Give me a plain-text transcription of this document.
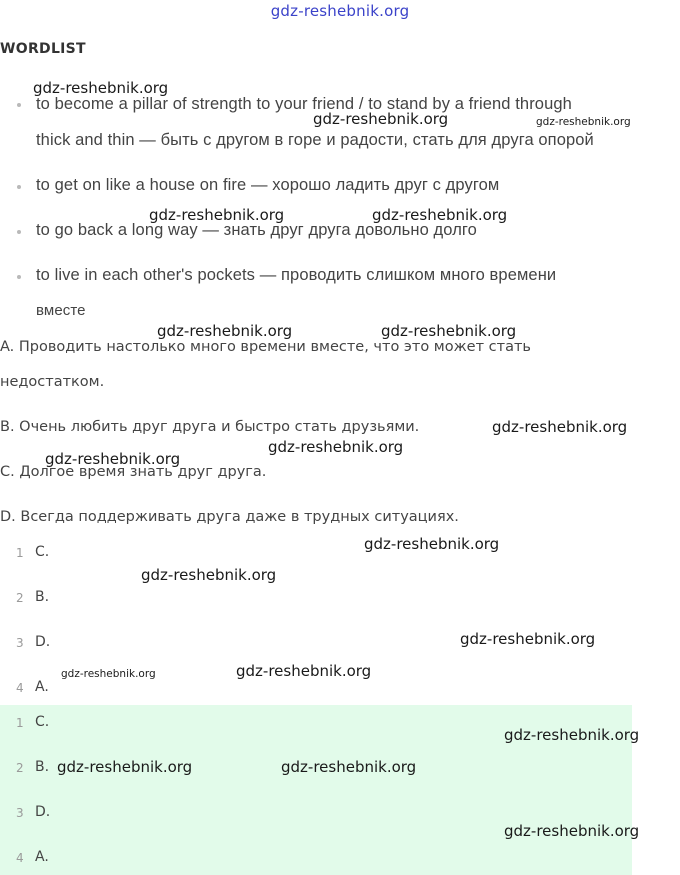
gdz-reshebnik.org
WORDLIST
to become a pillar of strength to your friend / to stand by a friend through
thick and thin — быть с другом в горе и радости, стать для друга опорой
to get on like a house on fire — хорошо ладить друг с другом
to go back a long way — знать друг друга довольно долго
to live in each other's pockets — проводить слишком много времени
вместе
A. Проводить настолько много времени вместе, что это может стать
недостатком.
B. Очень любить друг друга и быстро стать друзьями.
C. Долгое время знать друг друга.
D. Всегда поддерживать друга даже в трудных ситуациях.
1 C.
2 B.
3 D.
4 A.
1 C.
2 B.
3 D.
4 A.
gdz-reshebnik.org
gdz-reshebnik.org	gdz-reshebnik.org
gdz-reshebnik.org	gdz-reshebnik.org
gdz-reshebnik.org	gdz-reshebnik.org
gdz-reshebnik.org
gdz-reshebnik.org
gdz-reshebnik.org
gdz-reshebnik.org
gdz-reshebnik.org
gdz-reshebnik.org
gdz-reshebnik.org
gdz-reshebnik.org
gdz-reshebnik.org
gdz-reshebnik.org	gdz-reshebnik.org
gdz-reshebnik.org
